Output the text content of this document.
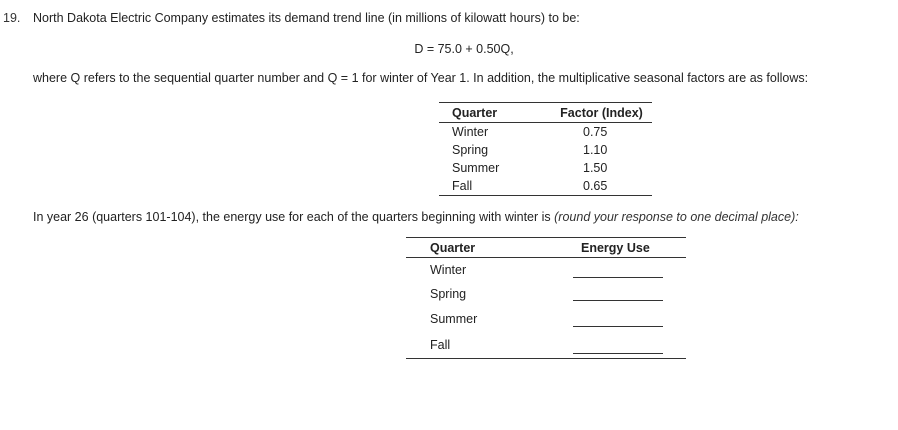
19. North Dakota Electric Company estimates its demand trend line (in millions of kilowatt hours) to be:
D = 75.0 + 0.50Q,
where Q refers to the sequential quarter number and Q = 1 for winter of Year 1. In addition, the multiplicative seasonal factors are as follows:
Quarter	Factor (Index)
Winter	0.75
Spring	1.10
Summer	1.50
Fall	0.65
In year 26 (quarters 101-104), the energy use for each of the quarters beginning with winter is (round your response to one decimal place):
Quarter	Energy Use
Winter
Spring
Summer
Fall
